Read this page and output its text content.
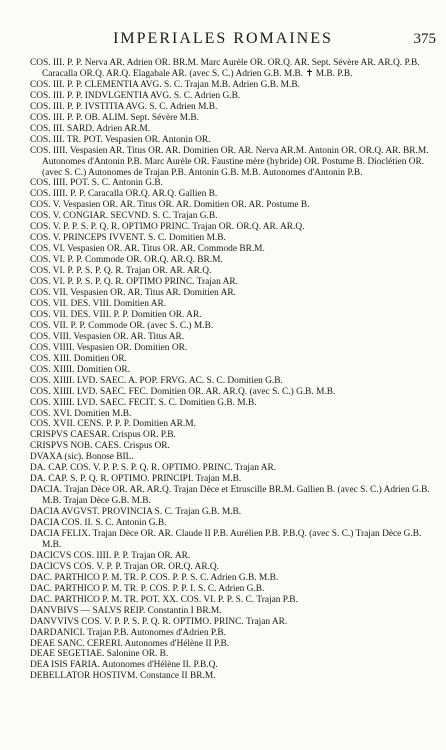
IMPERIALES ROMAINES	375
COS. III. P. P. Nerva AR. Adrien OR. BR.M. Marc Aurèle OR. OR.Q. AR. Sept. Sévère AR. AR.Q. P.B. Caracalla OR.Q. AR.Q. Elagabale AR. (avec S. C.) Adrien G.B. M.B. ✝ M.B. P.B.
COS. III. P. P. CLEMENTIA AVG. S. C. Trajan M.B. Adrien G.B. M.B.
COS. III. P. P. INDVLGENTIA AVG. S. C. Adrien G.B.
COS. III. P. P. IVSTITIA AVG. S. C. Adrien M.B.
COS. III. P. P. OB. ALIM. Sept. Sévère M.B.
COS. III. SARD. Adrien AR.M.
COS. III. TR. POT. Vespasien OR. Antonin OR.
COS. IIII. Vespasien AR. Titus OR. AR. Domitien OR. AR. Nerva AR.M. Antonin OR. OR.Q. AR. BR.M. Autonomes d'Antonin P.B. Marc Aurèle OR. Faustine mère (hybride) OR. Postume B. Dioclétien OR. (avec S. C.) Autonomes de Trajan P.B. Antonin G.B. M.B. Autonomes d'Antonin P.B.
COS. IIII. POT. S. C. Antonin G.B.
COS. IIII. P. P. Caracalla OR.Q. AR.Q. Gallien B.
COS. V. Vespasien OR. AR. Titus OR. AR. Domitien OR. AR. Postume B.
COS. V. CONGIAR. SECVND. S. C. Trajan G.B.
COS. V. P. P. S. P. Q. R. OPTIMO PRINC. Trajan OR. OR.Q. AR. AR.Q.
COS. V. PRINCEPS IVVENT. S. C. Domitien M.B.
COS. VI. Vespasien OR. AR. Titus OR. AR. Commode BR.M.
COS. VI. P. P. Commode OR. OR.Q. AR.Q. BR.M.
COS. VI. P. P. S. P. Q. R. Trajan OR. AR. AR.Q.
COS. VI. P. P. S. P. Q. R. OPTIMO PRINC. Trajan AR.
COS. VII. Vespasien OR. AR. Titus AR. Domitien AR.
COS. VII. DES. VIII. Domitien AR.
COS. VII. DES. VIII. P. P. Domitien OR. AR.
COS. VII. P. P. Commode OR. (avec S. C.) M.B.
COS. VIII. Vespasien OR. AR. Titus AR.
COS. VIIII. Vespasien OR. Domitien OR.
COS. XIII. Domitien OR.
COS. XIIII. Domitien OR.
COS. XIIII. LVD. SAEC. A. POP. FRVG. AC. S. C. Domitien G.B.
COS. XIIII. LVD. SAEC. FEC. Domitien OR. AR. AR.Q. (avec S. C.) G.B. M.B.
COS. XIIII. LVD. SAEC. FECIT. S. C. Domitien G.B. M.B.
COS. XVI. Domitien M.B.
COS. XVII. CENS. P. P. P. Domitien AR.M.
CRISPVS CAESAR. Crispus OR. P.B.
CRISPVS NOB. CAES. Crispus OR.
DVAXA (sic). Bonose BIL.
DA. CAP. COS. V. P. P. S. P. Q. R. OPTIMO. PRINC. Trajan AR.
DA. CAP. S. P. Q. R. OPTIMO. PRINCIPI. Trajan M.B.
DACIA. Trajan Dèce OR. AR. AR.Q. Trajan Dèce et Etruscille BR.M. Gallien B. (avec S. C.) Adrien G.B. M.B. Trajan Dèce G.B. M.B.
DACIA AVGVST. PROVINCIA S. C. Trajan G.B. M.B.
DACIA COS. II. S. C. Antonin G.B.
DACIA FELIX. Trajan Dèce OR. AR. Claude II P.B. Aurélien P.B. P.B.Q. (avec S. C.) Trajan Dèce G.B. M.B.
DACICVS COS. IIII. P. P. Trajan OR. AR.
DACICVS COS. V. P. P. Trajan OR. OR.Q. AR.Q.
DAC. PARTHICO P. M. TR. P. COS. P. P. S. C. Adrien G.B. M.B.
DAC. PARTHICO P. M. TR. P. COS. P. P. I. S. C. Adrien G.B.
DAC. PARTHICO P. M. TR. POT. XX. COS. VI. P. P. S. C. Trajan P.B.
DANVBIVS — SALVS REIP. Constantin I BR.M.
DANVVIVS COS. V. P. P. S. P. Q. R. OPTIMO. PRINC. Trajan AR.
DARDANICI. Trajan P.B. Autonomes d'Adrien P.B.
DEAE SANC. CERERI. Autonomes d'Hélène II P.B.
DEAE SEGETIAE. Salonine OR. B.
DEA ISIS FARIA. Autonomes d'Hélène II. P.B.Q.
DEBELLATOR HOSTIVM. Constance II BR.M.
